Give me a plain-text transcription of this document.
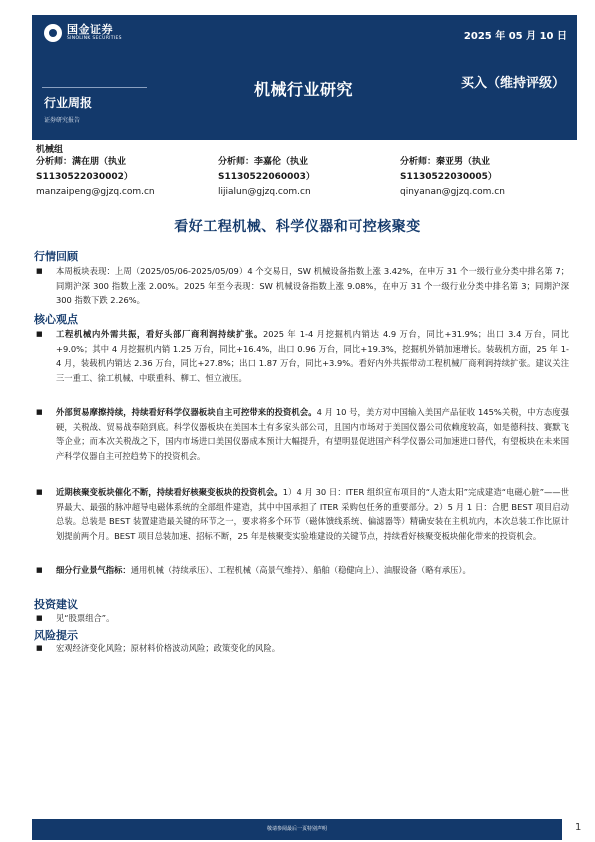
国金证券
SINOLINK SECURITIES	2025 年 05 月 10 日
机械行业研究	买入（维持评级）
行业周报
证券研究报告
机械组
分析师：满在朋（执业
S1130522030002）
manzaipeng@gjzq.com.cn
分析师：李嘉伦（执业
S1130522060003）
lijialun@gjzq.com.cn
分析师：秦亚男（执业
S1130522030005）
qinyanan@gjzq.com.cn
看好工程机械、科学仪器和可控核聚变
行情回顾
■ 本周板块表现：上周（2025/05/06-2025/05/09）4 个交易日，SW 机械设备指数上涨 3.42%，在申万 31 个一级行业分类中排名第 7；同期沪深 300 指数上涨 2.00%。2025 年至今表现：SW 机械设备指数上涨 9.08%，在申万 31 个一级行业分类中排名第 3；同期沪深 300 指数下跌 2.26%。
核心观点
■ 工程机械内外需共振，看好头部厂商利润持续扩张。2025 年 1-4 月挖掘机内销达 4.9 万台，同比+31.9%；出口 3.4 万台，同比+9.0%；其中 4 月挖掘机内销 1.25 万台，同比+16.4%，出口 0.96 万台，同比+19.3%，挖掘机外销加速增长。装载机方面，25 年 1-4 月，装载机内销达 2.36 万台，同比+27.8%；出口 1.87 万台，同比+3.9%。看好内外共振带动工程机械厂商利润持续扩张。建议关注三一重工、徐工机械、中联重科、柳工、恒立液压。
■ 外部贸易摩擦持续，持续看好科学仪器板块自主可控带来的投资机会。4 月 10 号，美方对中国输入美国产品征收 145%关税，中方态度强硬，关税战、贸易战奉陪到底。科学仪器板块在美国本土有多家头部公司，且国内市场对于美国仪器公司依赖度较高，如是德科技、赛默飞等企业；而本次关税战之下，国内市场进口美国仪器成本预计大幅提升，有望明显促进国产科学仪器公司加速进口替代，有望板块在未来国产科学仪器自主可控趋势下的投资机会。
■ 近期核聚变板块催化不断，持续看好核聚变板块的投资机会。1）4 月 30 日：ITER 组织宣布项目的“人造太阳”完成建造“电磁心脏”——世界最大、最强的脉冲超导电磁体系统的全部组件建造，其中中国承担了 ITER 采购包任务的重要部分。2）5 月 1 日：合肥 BEST 项目启动总装。总装是 BEST 装置建造最关键的环节之一，要求将多个环节（磁体馈线系统、偏滤器等）精确安装在主机坑内，本次总装工作比原计划提前两个月。BEST 项目总装加速、招标不断，25 年是核聚变实验堆建设的关键节点，持续看好核聚变板块催化带来的投资机会。
■ 细分行业景气指标：通用机械（持续承压）、工程机械（高景气维持）、船舶（稳健向上）、油服设备（略有承压）。
投资建议
■ 见“股票组合”。
风险提示
■ 宏观经济变化风险；原材料价格波动风险；政策变化的风险。
敬请参阅最后一页特别声明	1
